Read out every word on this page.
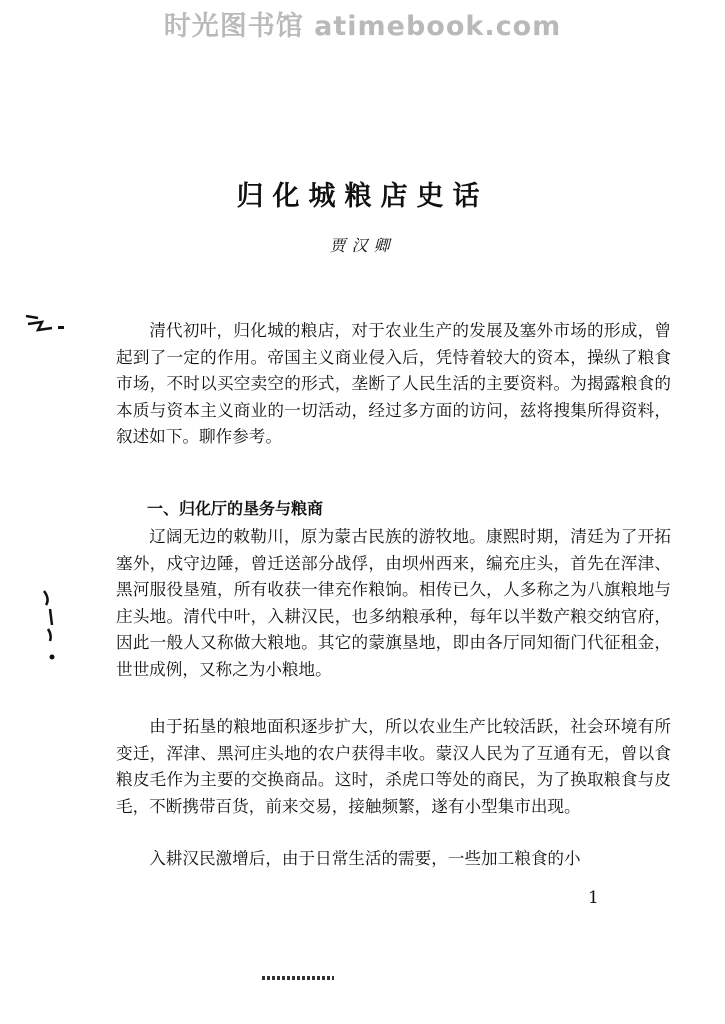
时光图书馆 atimebook.com
归化城粮店史话
贾汉卿

清代初叶，归化城的粮店，对于农业生产的发展及塞外市场的形成，曾起到了一定的作用。帝国主义商业侵入后，凭恃着较大的资本，操纵了粮食市场，不时以买空卖空的形式，垄断了人民生活的主要资料。为揭露粮食的本质与资本主义商业的一切活动，经过多方面的访问，兹将搜集所得资料，叙述如下。聊作参考。

一、归化厅的垦务与粮商

辽阔无边的敕勒川，原为蒙古民族的游牧地。康熙时期，清廷为了开拓塞外，戍守边陲，曾迁送部分战俘，由坝州西来，编充庄头，首先在浑津、黑河服役垦殖，所有收获一律充作粮饷。相传已久，人多称之为八旗粮地与庄头地。清代中叶，入耕汉民，也多纳粮承种，每年以半数产粮交纳官府，因此一般人又称做大粮地。其它的蒙旗垦地，即由各厅同知衙门代征租金，世世成例，又称之为小粮地。

由于拓垦的粮地面积逐步扩大，所以农业生产比较活跃，社会环境有所变迁，浑津、黑河庄头地的农户获得丰收。蒙汉人民为了互通有无，曾以食粮皮毛作为主要的交换商品。这时，杀虎口等处的商民，为了换取粮食与皮毛，不断携带百货，前来交易，接触频繁，遂有小型集市出现。

入耕汉民激增后，由于日常生活的需要，一些加工粮食的小

1
